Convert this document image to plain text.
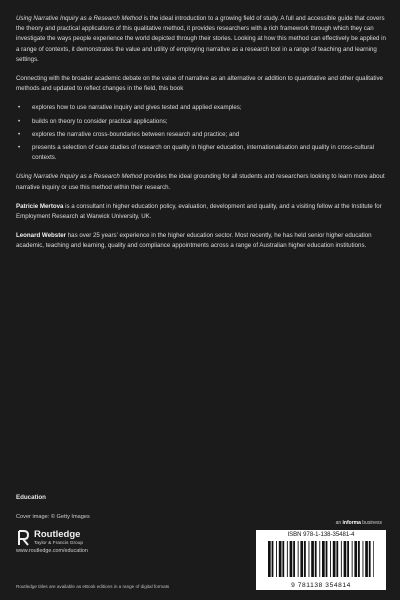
Using Narrative Inquiry as a Research Method is the ideal introduction to a growing field of study. A full and accessible guide that covers the theory and practical applications of this qualitative method, it provides researchers with a rich framework through which they can investigate the ways people experience the world depicted through their stories. Looking at how this method can effectively be applied in a range of contexts, it demonstrates the value and utility of employing narrative as a research tool in a range of teaching and learning settings.

Connecting with the broader academic debate on the value of narrative as an alternative or addition to quantitative and other qualitative methods and updated to reflect changes in the field, this book

• explores how to use narrative inquiry and gives tested and applied examples;
• builds on theory to consider practical applications;
• explores the narrative cross-boundaries between research and practice; and
• presents a selection of case studies of research on quality in higher education, internationalisation and quality in cross-cultural contexts.

Using Narrative Inquiry as a Research Method provides the ideal grounding for all students and researchers looking to learn more about narrative inquiry or use this method within their research.

Patricie Mertova is a consultant in higher education policy, evaluation, development and quality, and a visiting fellow at the Institute for Employment Research at Warwick University, UK.

Leonard Webster has over 25 years' experience in the higher education sector. Most recently, he has held senior higher education academic, teaching and learning, quality and compliance appointments across a range of Australian higher education institutions.

Education
Cover image: © Getty Images
Routledge
Taylor & Francis Group
www.routledge.com/education
an informa business
ISBN 978-1-138-35481-4
9 781138 354814
Routledge titles are available as eBook editions in a range of digital formats
